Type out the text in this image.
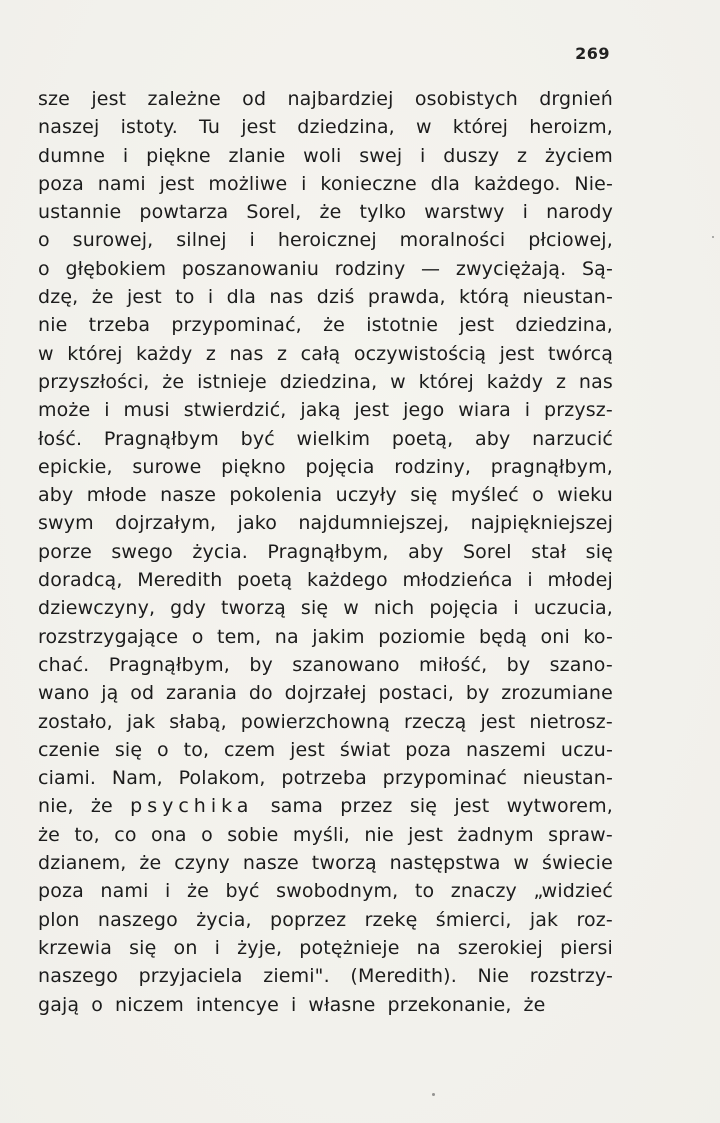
269
sze jest zależne od najbardziej osobistych drgnień
naszej istoty. Tu jest dziedzina, w której heroizm,
dumne i piękne zlanie woli swej i duszy z życiem
poza nami jest możliwe i konieczne dla każdego. Nie-
ustannie powtarza Sorel, że tylko warstwy i narody
o surowej, silnej i heroicznej moralności płciowej,
o głębokiem poszanowaniu rodziny — zwyciężają. Są-
dzę, że jest to i dla nas dziś prawda, którą nieustan-
nie trzeba przypominać, że istotnie jest dziedzina,
w której każdy z nas z całą oczywistością jest twórcą
przyszłości, że istnieje dziedzina, w której każdy z nas
może i musi stwierdzić, jaką jest jego wiara i przysz-
łość. Pragnąłbym być wielkim poetą, aby narzucić
epickie, surowe piękno pojęcia rodziny, pragnąłbym,
aby młode nasze pokolenia uczyły się myśleć o wieku
swym dojrzałym, jako najdumniejszej, najpiękniejszej
porze swego życia. Pragnąłbym, aby Sorel stał się
doradcą, Meredith poetą każdego młodzieńca i młodej
dziewczyny, gdy tworzą się w nich pojęcia i uczucia,
rozstrzygające o tem, na jakim poziomie będą oni ko-
chać. Pragnąłbym, by szanowano miłość, by szano-
wano ją od zarania do dojrzałej postaci, by zrozumiane
zostało, jak słabą, powierzchowną rzeczą jest nietrosz-
czenie się o to, czem jest świat poza naszemi uczu-
ciami. Nam, Polakom, potrzeba przypominać nieustan-
nie, że psychika sama przez się jest wytworem,
że to, co ona o sobie myśli, nie jest żadnym spraw-
dzianem, że czyny nasze tworzą następstwa w świecie
poza nami i że być swobodnym, to znaczy „widzieć
plon naszego życia, poprzez rzekę śmierci, jak roz-
krzewia się on i żyje, potężnieje na szerokiej piersi
naszego przyjaciela ziemi". (Meredith). Nie rozstrzy-
gają o niczem intencye i własne przekonanie, że
